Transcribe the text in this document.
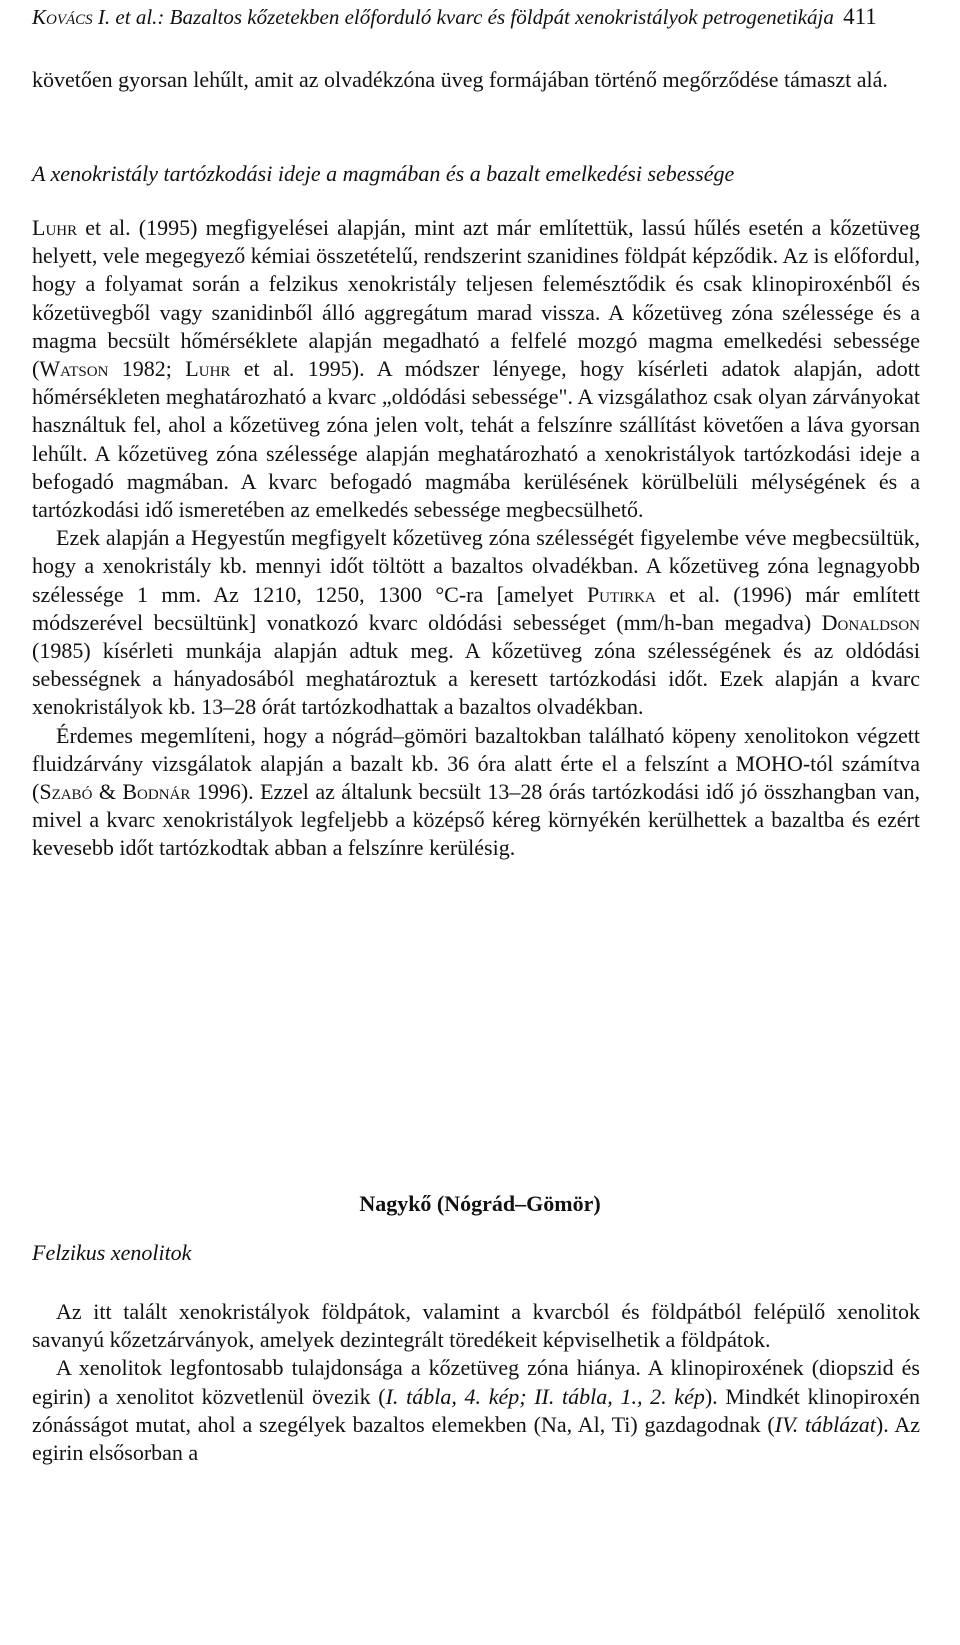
Kovács I. et al.: Bazaltos kőzetekben előforduló kvarc és földpát xenokristályok petrogenetikája 411

követően gyorsan lehűlt, amit az olvadékzóna üveg formájában történő megőrződése támaszt alá.

A xenokristály tartózkodási ideje a magmában és a bazalt emelkedési sebessége

Luhr et al. (1995) megfigyelései alapján, mint azt már említettük, lassú hűlés esetén a kőzetüveg helyett, vele megegyező kémiai összetételű, rendszerint szanidines földpát képződik. Az is előfordul, hogy a folyamat során a felzikus xenokristály teljesen felemésztődik és csak klinopiroxénből és kőzetüvegből vagy szanidinből álló aggregátum marad vissza. A kőzetüveg zóna szélessége és a magma becsült hőmérséklete alapján megadható a felfelé mozgó magma emelkedési sebessége (Watson 1982; Luhr et al. 1995). A módszer lényege, hogy kísérleti adatok alapján, adott hőmérsékleten meghatározható a kvarc „oldódási sebessége". A vizsgálathoz csak olyan zárványokat használtuk fel, ahol a kőzetüveg zóna jelen volt, tehát a felszínre szállítást követően a láva gyorsan lehűlt. A kőzetüveg zóna szélessége alapján meghatározható a xenokristályok tartózkodási ideje a befogadó magmában. A kvarc befogadó magmába kerülésének körülbelüli mélységének és a tartózkodási idő ismeretében az emelkedés sebessége megbecsülhető.

Ezek alapján a Hegyestűn megfigyelt kőzetüveg zóna szélességét figyelembe véve megbecsültük, hogy a xenokristály kb. mennyi időt töltött a bazaltos olvadékban. A kőzetüveg zóna legnagyobb szélessége 1 mm. Az 1210, 1250, 1300 °C-ra [amelyet Putirka et al. (1996) már említett módszerével becsültünk] vonatkozó kvarc oldódási sebességet (mm/h-ban megadva) Donaldson (1985) kísérleti munkája alapján adtuk meg. A kőzetüveg zóna szélességének és az oldódási sebességnek a hányadosából meghatároztuk a keresett tartózkodási időt. Ezek alapján a kvarc xenokristályok kb. 13–28 órát tartózkodhattak a bazaltos olvadékban.

Érdemes megemlíteni, hogy a nógrád–gömöri bazaltokban található köpeny xenolitokon végzett fluidzárvány vizsgálatok alapján a bazalt kb. 36 óra alatt érte el a felszínt a MOHO-tól számítva (Szabó & Bodnár 1996). Ezzel az általunk becsült 13–28 órás tartózkodási idő jó összhangban van, mivel a kvarc xenokristályok legfeljebb a középső kéreg környékén kerülhettek a bazaltba és ezért kevesebb időt tartózkodtak abban a felszínre kerülésig.

Nagykő (Nógrád–Gömör)
Felzikus xenolitok

Az itt talált xenokristályok földpátok, valamint a kvarcból és földpátból felépülő xenolitok savanyú kőzetzárványok, amelyek dezintegrált töredékeit képviselhetik a földpátok.

A xenolitok legfontosabb tulajdonsága a kőzetüveg zóna hiánya. A klinopiroxének (diopszid és egirin) a xenolitot közvetlenül övezik (I. tábla, 4. kép; II. tábla, 1., 2. kép). Mindkét klinopiroxén zónásságot mutat, ahol a szegélyek bazaltos elemekben (Na, Al, Ti) gazdagodnak (IV. táblázat). Az egirin elsősorban a
